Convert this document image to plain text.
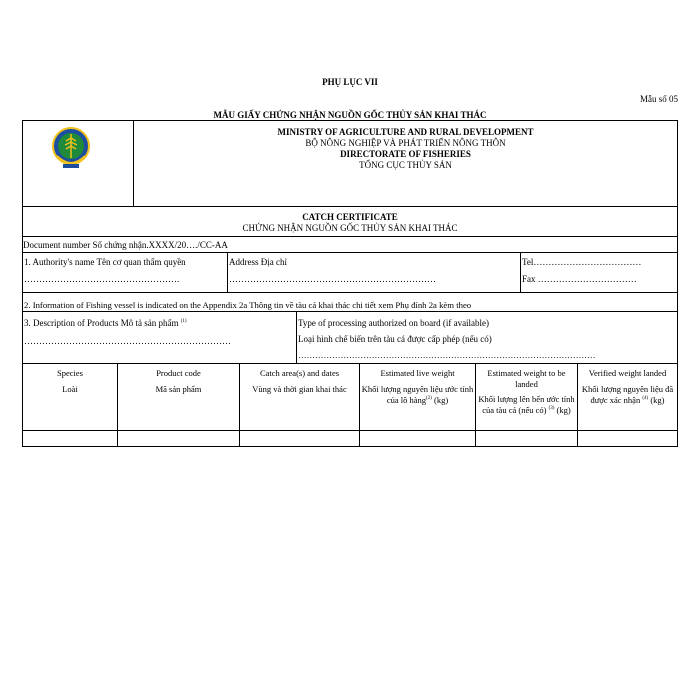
PHỤ LỤC VII
Mẫu số 05
MẪU GIẤY CHỨNG NHẬN NGUỒN GỐC THỦY SẢN KHAI THÁC
MINISTRY OF AGRICULTURE AND RURAL DEVELOPMENT
BỘ NÔNG NGHIỆP VÀ PHÁT TRIỂN NÔNG THÔN
DIRECTORATE OF FISHERIES
TỔNG CỤC THỦY SẢN
CATCH CERTIFICATE
CHỨNG NHẬN NGUỒN GỐC THỦY SẢN KHAI THÁC
Document number Số chứng nhận.XXXX/20…./CC-AA
1. Authority's name Tên cơ quan thẩm quyền
…………………………………………….
Address Địa chỉ
……………………………………………………………
Tel………………………………
Fax ……………………………
2. Information of Fishing vessel is indicated on the Appendix 2a Thông tin về tàu cá khai thác chi tiết xem Phụ đính 2a kèm theo
3. Description of Products Mô tả sản phẩm $^{(1)}$
……………………………………………………………
Type of processing authorized on board (if available)
Loại hình chế biến trên tàu cá được cấp phép (nếu có)
……………………………………………………………………………………………
Species
Loài
Product code
Mã sản phẩm
Catch area(s) and dates
Vùng và thời gian khai thác
Estimated live weight
Khối lượng nguyên liệu ước tính của lô hàng$^{(2)}$ (kg)
Estimated weight to be landed
Khối lượng lên bến ước tính của tàu cá (nếu có) $^{(3)}$ (kg)
Verified weight landed
Khối lượng nguyên liệu đã được xác nhận $^{(4)}$ (kg)
